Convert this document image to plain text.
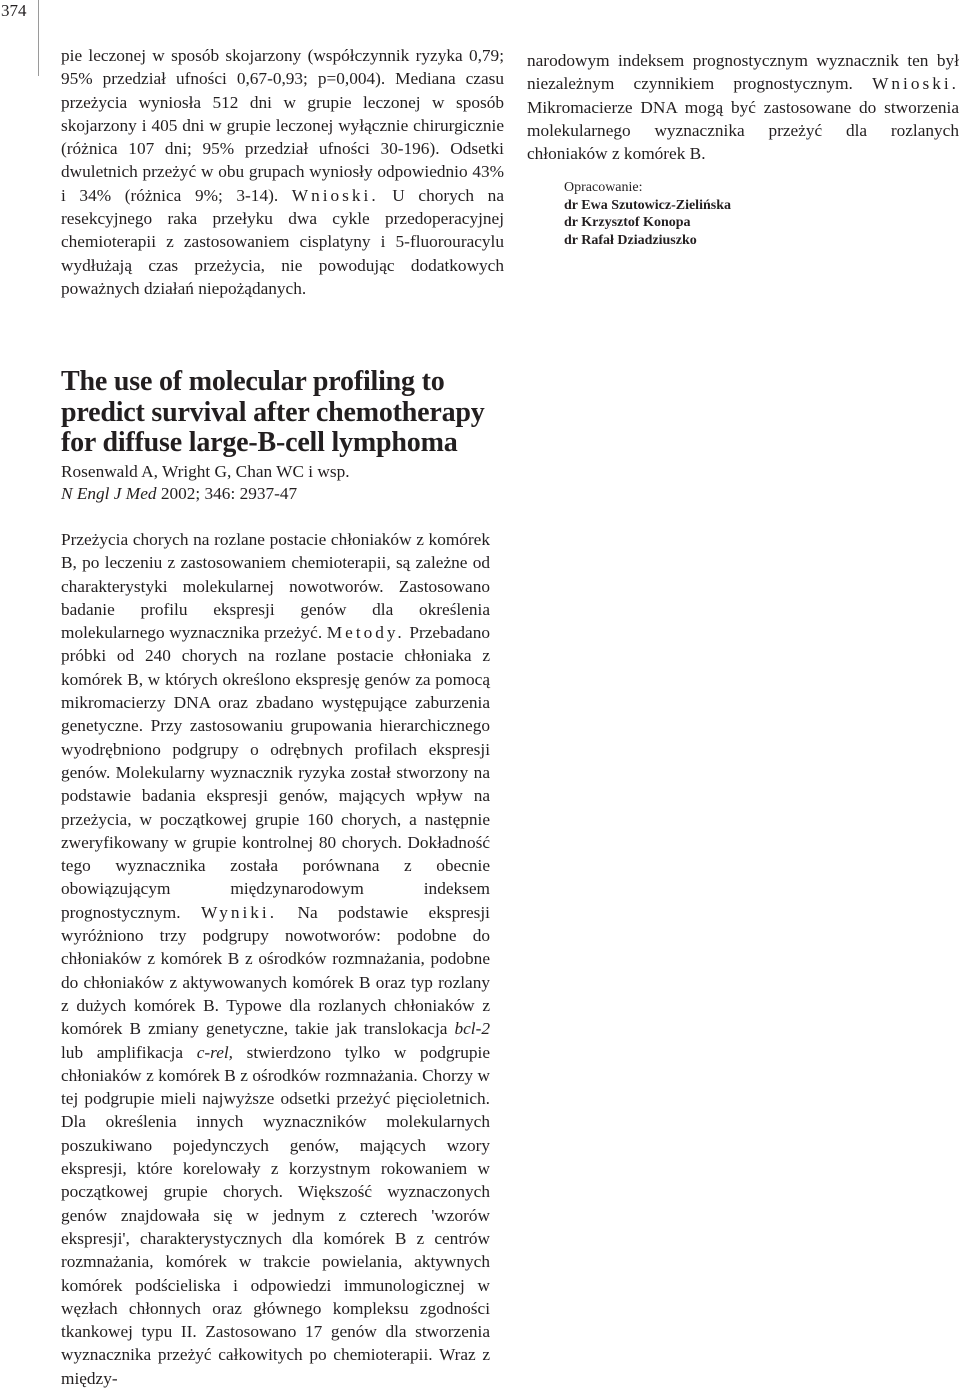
374

pie leczonej w sposób skojarzony (współczynnik ryzyka 0,79; 95% przedział ufności 0,67-0,93; p=0,004). Mediana czasu przeżycia wyniosła 512 dni w grupie leczonej w sposób skojarzony i 405 dni w grupie leczonej wyłącznie chirurgicznie (różnica 107 dni; 95% przedział ufności 30-196). Odsetki dwuletnich przeżyć w obu grupach wyniosły odpowiednio 43% i 34% (różnica 9%; 3-14). Wnioski. U chorych na resekcyjnego raka przełyku dwa cykle przedoperacyjnej chemioterapii z zastosowaniem cisplatyny i 5-fluorouracylu wydłużają czas przeżycia, nie powodując dodatkowych poważnych działań niepożądanych.

narodowym indeksem prognostycznym wyznacznik ten był niezależnym czynnikiem prognostycznym. Wnioski. Mikromacierze DNA mogą być zastosowane do stworzenia molekularnego wyznacznika przeżyć dla rozlanych chłoniaków z komórek B.

Opracowanie:
dr Ewa Szutowicz-Zielińska
dr Krzysztof Konopa
dr Rafał Dziadziuszko
The use of molecular profiling to predict survival after chemotherapy for diffuse large-B-cell lymphoma
Rosenwald A, Wright G, Chan WC i wsp.
N Engl J Med 2002; 346: 2937-47

Przeżycia chorych na rozlane postacie chłoniaków z komórek B, po leczeniu z zastosowaniem chemioterapii, są zależne od charakterystyki molekularnej nowotworów. Zastosowano badanie profilu ekspresji genów dla określenia molekularnego wyznacznika przeżyć. Metody. Przebadano próbki od 240 chorych na rozlane postacie chłoniaka z komórek B, w których określono ekspresję genów za pomocą mikromacierzy DNA oraz zbadano występujące zaburzenia genetyczne. Przy zastosowaniu grupowania hierarchicznego wyodrębniono podgrupy o odrębnych profilach ekspresji genów. Molekularny wyznacznik ryzyka został stworzony na podstawie badania ekspresji genów, mających wpływ na przeżycia, w początkowej grupie 160 chorych, a następnie zweryfikowany w grupie kontrolnej 80 chorych. Dokładność tego wyznacznika została porównana z obecnie obowiązującym międzynarodowym indeksem prognostycznym. Wyniki. Na podstawie ekspresji wyróżniono trzy podgrupy nowotworów: podobne do chłoniaków z komórek B z ośrodków rozmnażania, podobne do chłoniaków z aktywowanych komórek B oraz typ rozlany z dużych komórek B. Typowe dla rozlanych chłoniaków z komórek B zmiany genetyczne, takie jak translokacja bcl-2 lub amplifikacja c-rel, stwierdzono tylko w podgrupie chłoniaków z komórek B z ośrodków rozmnażania. Chorzy w tej podgrupie mieli najwyższe odsetki przeżyć pięcioletnich. Dla określenia innych wyznaczników molekularnych poszukiwano pojedynczych genów, mających wzory ekspresji, które korelowały z korzystnym rokowaniem w początkowej grupie chorych. Większość wyznaczonych genów znajdowała się w jednym z czterech 'wzorów ekspresji', charakterystycznych dla komórek B z centrów rozmnażania, komórek w trakcie powielania, aktywnych komórek podścieliska i odpowiedzi immunologicznej w węzłach chłonnych oraz głównego kompleksu zgodności tkankowej typu II. Zastosowano 17 genów dla stworzenia wyznacznika przeżyć całkowitych po chemioterapii. Wraz z między-
